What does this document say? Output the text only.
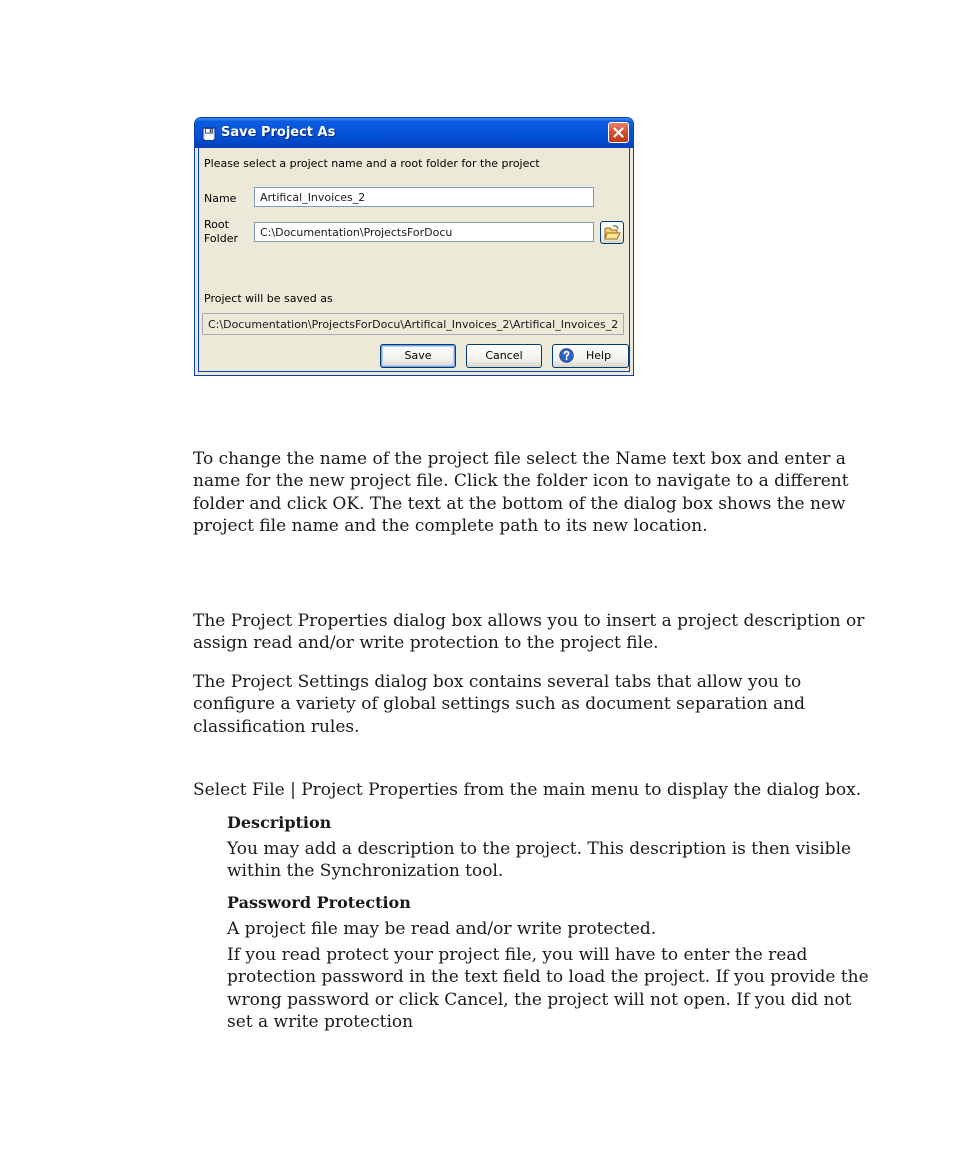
Save Project As
Please select a project name and a root folder for the project
Name	Artifical_Invoices_2
Root
Folder	C:\Documentation\ProjectsForDocu
Project will be saved as
C:\Documentation\ProjectsForDocu\Artifical_Invoices_2\Artifical_Invoices_2
Save	Cancel	Help

To change the name of the project file select the Name text box and enter a name for the new project file. Click the folder icon to navigate to a different folder and click OK. The text at the bottom of the dialog box shows the new project file name and the complete path to its new location.

The Project Properties dialog box allows you to insert a project description or assign read and/or write protection to the project file.

The Project Settings dialog box contains several tabs that allow you to configure a variety of global settings such as document separation and classification rules.

Select File | Project Properties from the main menu to display the dialog box.

Description

You may add a description to the project. This description is then visible within the Synchronization tool.

Password Protection

A project file may be read and/or write protected.

If you read protect your project file, you will have to enter the read protection password in the text field to load the project. If you provide the wrong password or click Cancel, the project will not open. If you did not set a write protection
